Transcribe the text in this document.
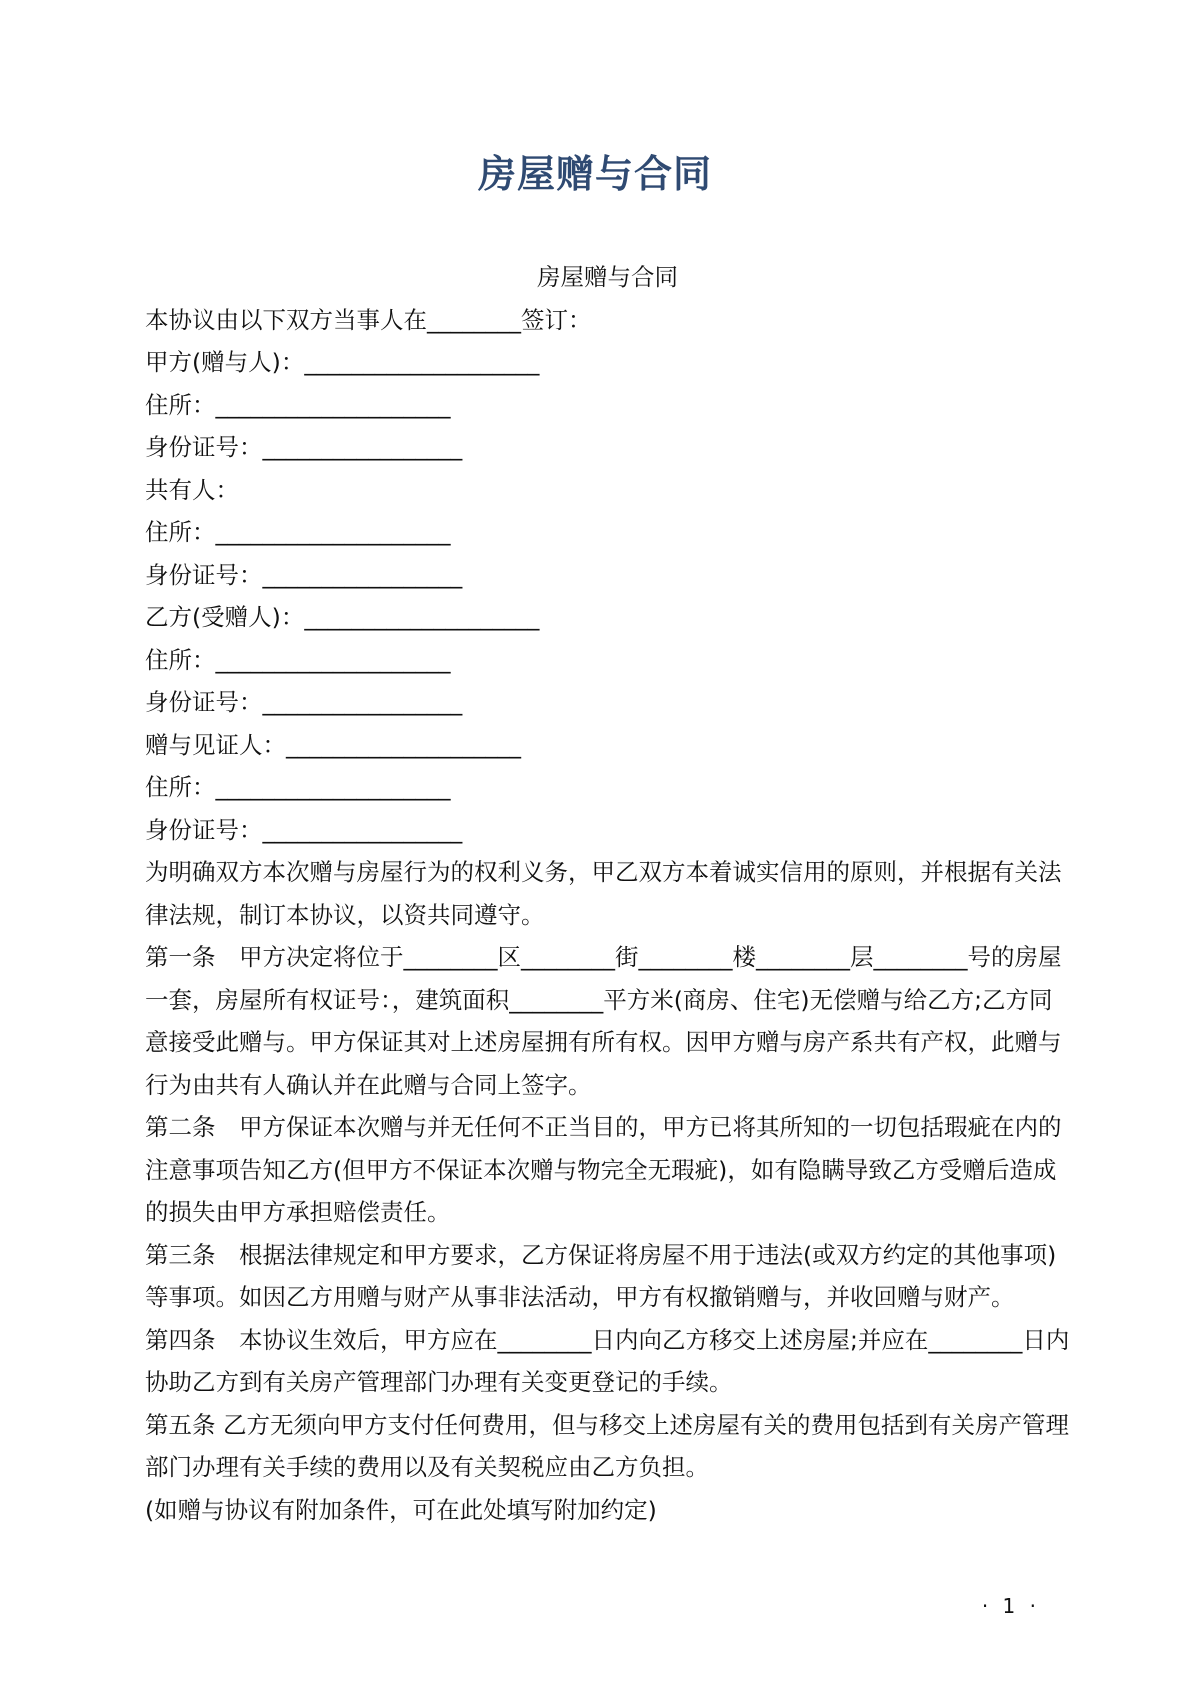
房屋赠与合同

房屋赠与合同

本协议由以下双方当事人在________签订：

甲方(赠与人)：____________________

住所：____________________

身份证号：_________________

共有人：

住所：____________________

身份证号：_________________

乙方(受赠人)：____________________

住所：____________________

身份证号：_________________

赠与见证人：____________________

住所：____________________

身份证号：_________________

为明确双方本次赠与房屋行为的权利义务，甲乙双方本着诚实信用的原则，并根据有关法律法规，制订本协议，以资共同遵守。

第一条　甲方决定将位于________区________街________楼________层________号的房屋一套，房屋所有权证号：，建筑面积________平方米(商房、住宅)无偿赠与给乙方;乙方同意接受此赠与。甲方保证其对上述房屋拥有所有权。因甲方赠与房产系共有产权，此赠与行为由共有人确认并在此赠与合同上签字。

第二条　甲方保证本次赠与并无任何不正当目的，甲方已将其所知的一切包括瑕疵在内的注意事项告知乙方(但甲方不保证本次赠与物完全无瑕疵)，如有隐瞒导致乙方受赠后造成的损失由甲方承担赔偿责任。

第三条　根据法律规定和甲方要求，乙方保证将房屋不用于违法(或双方约定的其他事项)等事项。如因乙方用赠与财产从事非法活动，甲方有权撤销赠与，并收回赠与财产。

第四条　本协议生效后，甲方应在________日内向乙方移交上述房屋;并应在________日内协助乙方到有关房产管理部门办理有关变更登记的手续。

第五条 乙方无须向甲方支付任何费用，但与移交上述房屋有关的费用包括到有关房产管理部门办理有关手续的费用以及有关契税应由乙方负担。

(如赠与协议有附加条件，可在此处填写附加约定)

· 1 ·
